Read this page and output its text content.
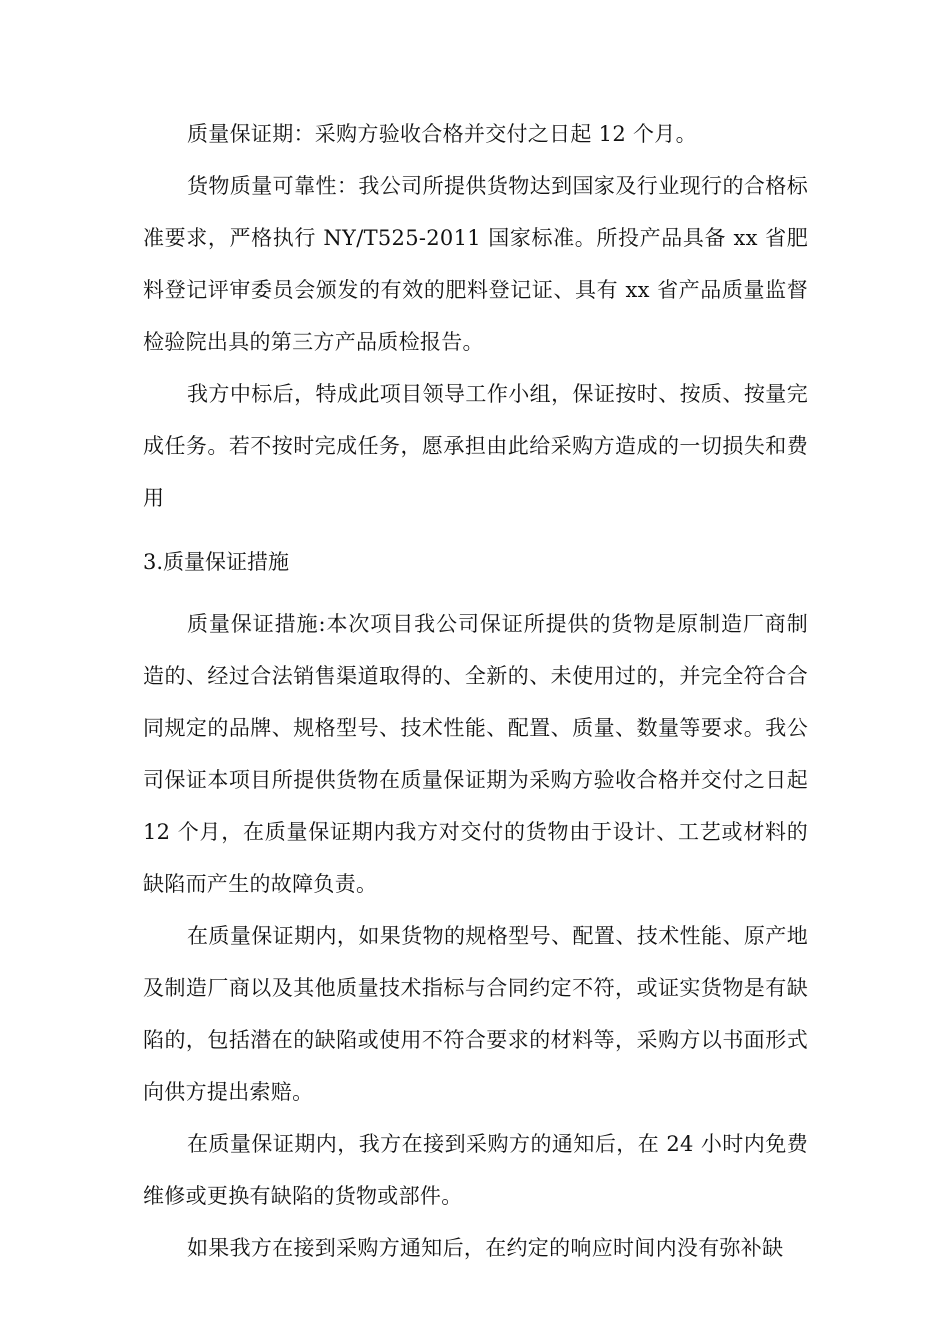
质量保证期：采购方验收合格并交付之日起 12 个月。

货物质量可靠性：我公司所提供货物达到国家及行业现行的合格标准要求，严格执行 NY/T525-2011 国家标准。所投产品具备 xx 省肥料登记评审委员会颁发的有效的肥料登记证、具有 xx 省产品质量监督检验院出具的第三方产品质检报告。

我方中标后，特成此项目领导工作小组，保证按时、按质、按量完成任务。若不按时完成任务，愿承担由此给采购方造成的一切损失和费用

3.质量保证措施

质量保证措施:本次项目我公司保证所提供的货物是原制造厂商制造的、经过合法销售渠道取得的、全新的、未使用过的，并完全符合合同规定的品牌、规格型号、技术性能、配置、质量、数量等要求。我公司保证本项目所提供货物在质量保证期为采购方验收合格并交付之日起 12 个月，在质量保证期内我方对交付的货物由于设计、工艺或材料的缺陷而产生的故障负责。

在质量保证期内，如果货物的规格型号、配置、技术性能、原产地及制造厂商以及其他质量技术指标与合同约定不符，或证实货物是有缺陷的，包括潜在的缺陷或使用不符合要求的材料等，采购方以书面形式向供方提出索赔。

在质量保证期内，我方在接到采购方的通知后，在 24 小时内免费维修或更换有缺陷的货物或部件。

如果我方在接到采购方通知后，在约定的响应时间内没有弥补缺
